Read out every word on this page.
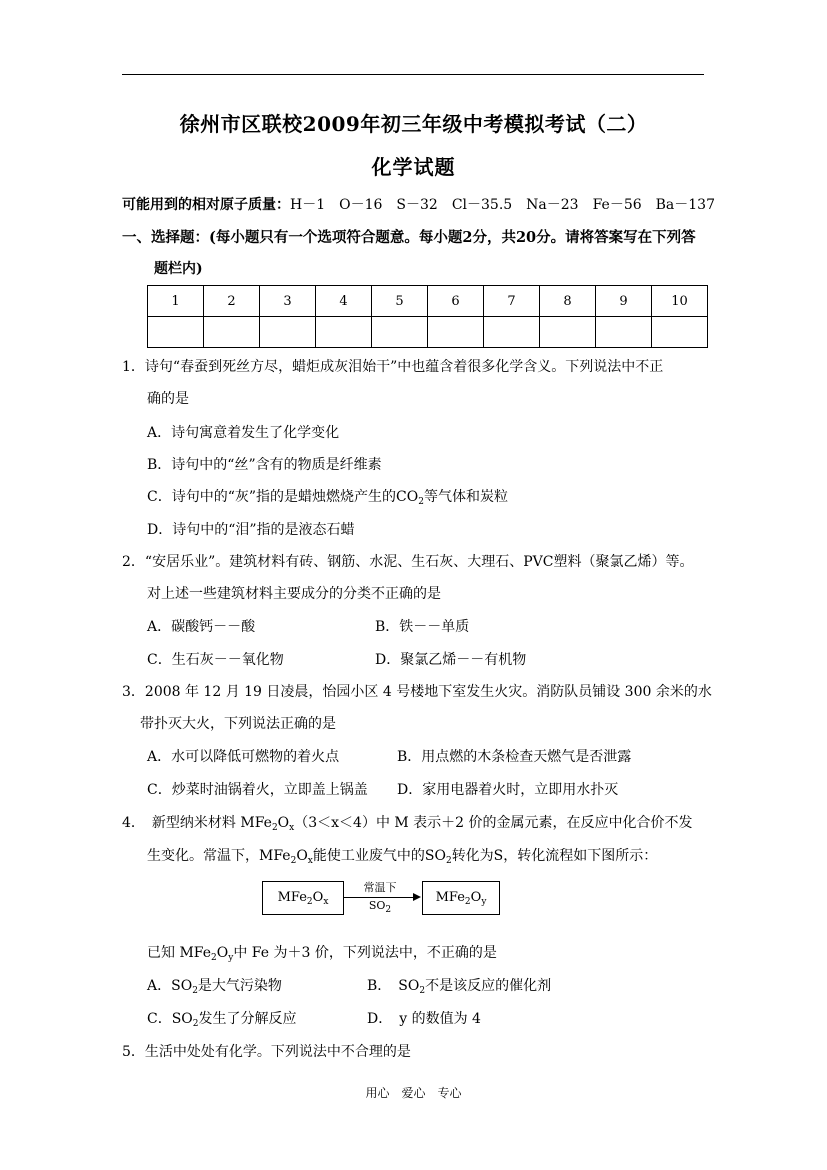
徐州市区联校2009年初三年级中考模拟考试（二）
化学试题
可能用到的相对原子质量：H－1　O－16　S－32　Cl－35.5　Na－23　Fe－56　Ba－137
一、选择题：(每小题只有一个选项符合题意。每小题2分，共20分。请将答案写在下列答
题栏内)
1	2	3	4	5	6	7	8	9	10

1．诗句“春蚕到死丝方尽，蜡炬成灰泪始干”中也蕴含着很多化学含义。下列说法中不正
确的是
A．诗句寓意着发生了化学变化
B．诗句中的“丝”含有的物质是纤维素
C．诗句中的“灰”指的是蜡烛燃烧产生的$CO_2$等气体和炭粒
D．诗句中的“泪”指的是液态石蜡
2．“安居乐业”。建筑材料有砖、钢筋、水泥、生石灰、大理石、PVC塑料（聚氯乙烯）等。
对上述一些建筑材料主要成分的分类不正确的是
A．碳酸钙－－酸	B．铁－－单质
C．生石灰－－氧化物	D．聚氯乙烯－－有机物
3．2008 年 12 月 19 日凌晨，怡园小区 4 号楼地下室发生火灾。消防队员铺设 300 余米的水
带扑灭大火，下列说法正确的是
A．水可以降低可燃物的着火点	B．用点燃的木条检查天燃气是否泄露
C．炒菜时油锅着火，立即盖上锅盖 D．家用电器着火时，立即用水扑灭
4．　新型纳米材料 $MFe_2O_x(3<x<4)$中 M 表示＋2 价的金属元素，在反应中化合价不发
生变化。常温下，$MFe_2O_x$能使工业废气中的$SO_2$转化为S，转化流程如下图所示：
$MFe_2O_x$
常温下
$SO_2$
$MFe_2O_y$
已知 $MFe_2O_y$中 Fe 为＋3 价，下列说法中，不正确的是
A．$SO_2$是大气污染物	B．　$SO_2$不是该反应的催化剂
C．$SO_2$发生了分解反应	D．　y 的数值为 4
5．生活中处处有化学。下列说法中不合理的是
用心　爱心　专心
